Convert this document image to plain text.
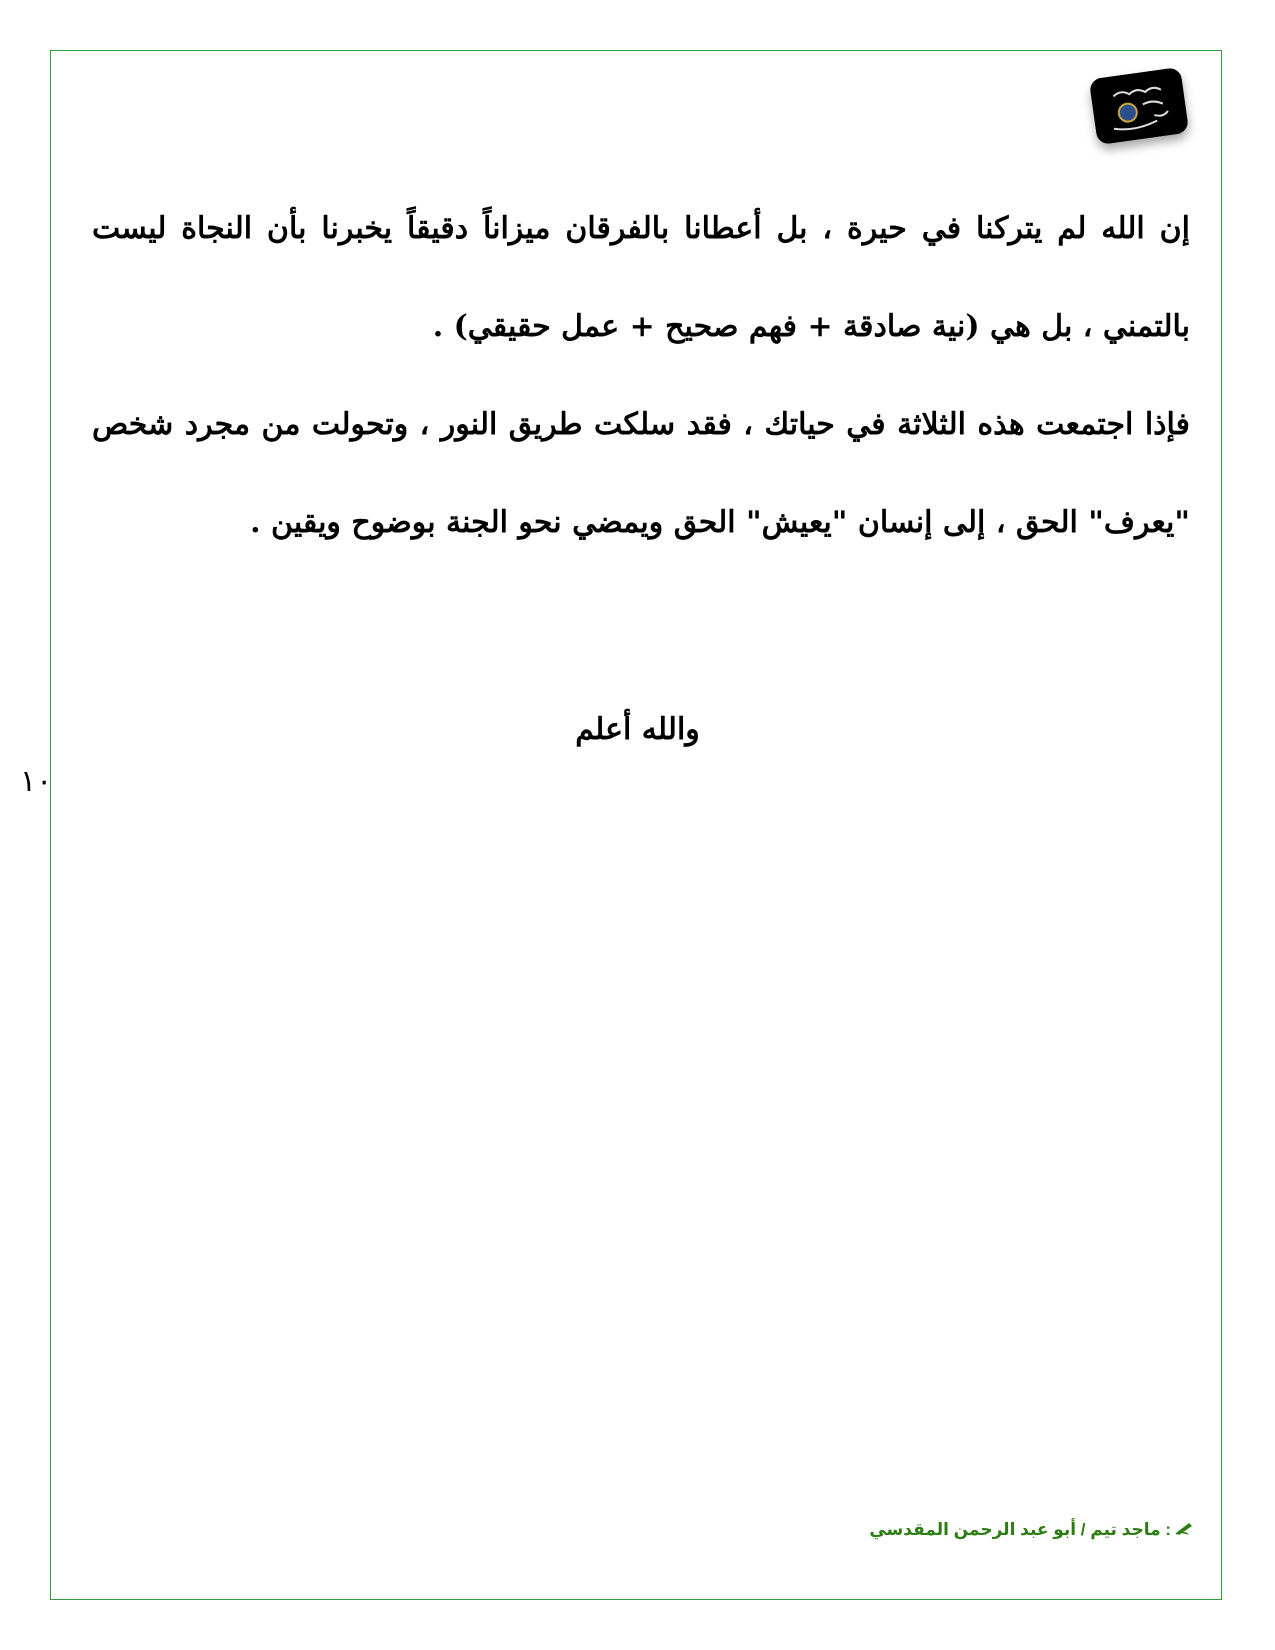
إن الله لم يتركنا في حيرة ، بل أعطانا بالفرقان ميزاناً دقيقاً يخبرنا بأن النجاة ليست بالتمني ، بل هي (نية صادقة + فهم صحيح + عمل حقيقي) .

فإذا اجتمعت هذه الثلاثة في حياتك ، فقد سلكت طريق النور ، وتحولت من مجرد شخص "يعرف" الحق ، إلى إنسان "يعيش" الحق ويمضي نحو الجنة بوضوح ويقين .

والله أعلم
١٠
: ماجد تيم / أبو عبد الرحمن المقدسي
